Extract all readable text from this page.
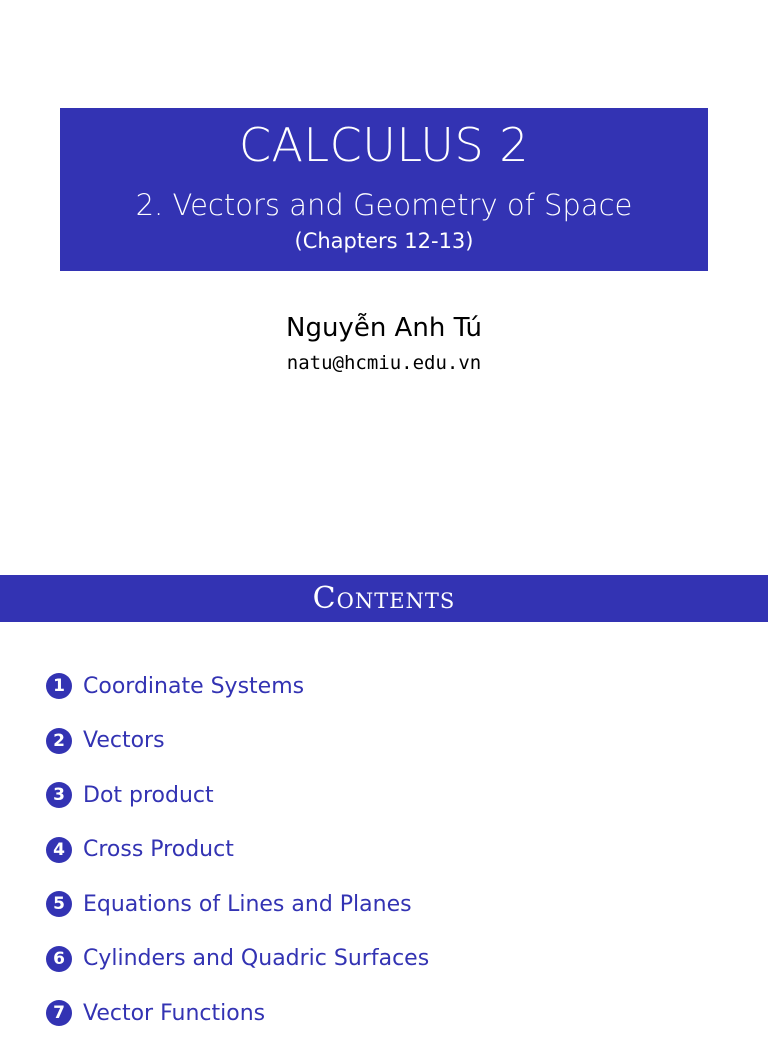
CALCULUS 2
2. Vectors and Geometry of Space
(Chapters 12-13)
Nguyễn Anh Tú
natu@hcmiu.edu.vn
Contents
1 Coordinate Systems
2 Vectors
3 Dot product
4 Cross Product
5 Equations of Lines and Planes
6 Cylinders and Quadric Surfaces
7 Vector Functions
